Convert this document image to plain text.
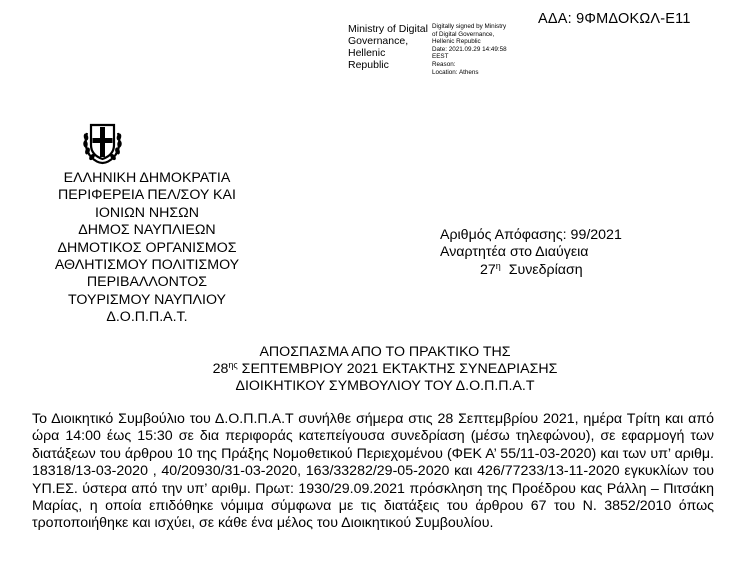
Ministry of Digital
Governance,
Hellenic Republic
Digitally signed by Ministry
of Digital Governance,
Hellenic Republic
Date: 2021.09.29 14:49:58
EEST
Reason:
Location: Athens
ΑΔΑ: 9ΦΜΔΟΚΩΛ-Ε11
ΕΛΛΗΝΙΚΗ ΔΗΜΟΚΡΑΤΙΑ
ΠΕΡΙΦΕΡΕΙΑ ΠΕΛ/ΣΟΥ ΚΑΙ
ΙΟΝΙΩΝ ΝΗΣΩΝ
ΔΗΜΟΣ ΝΑΥΠΛΙΕΩΝ
ΔΗΜΟΤΙΚΟΣ ΟΡΓΑΝΙΣΜΟΣ
ΑΘΛΗΤΙΣΜΟΥ ΠΟΛΙΤΙΣΜΟΥ
ΠΕΡΙΒΑΛΛΟΝΤΟΣ
ΤΟΥΡΙΣΜΟΥ ΝΑΥΠΛΙΟΥ
Δ.Ο.Π.Π.Α.Τ.
Αριθμός Απόφασης: 99/2021
Αναρτητέα στο Διαύγεια
$27^\eta$ Συνεδρίαση
ΑΠΟΣΠΑΣΜΑ ΑΠΟ ΤΟ ΠΡΑΚΤΙΚΟ ΤΗΣ
$28^{\eta\varsigma}$ ΣΕΠΤΕΜΒΡΙΟΥ 2021 ΕΚΤΑΚΤΗΣ ΣΥΝΕΔΡΙΑΣΗΣ
ΔΙΟΙΚΗΤΙΚΟΥ ΣΥΜΒΟΥΛΙΟΥ ΤΟΥ Δ.Ο.Π.Π.Α.Τ
Το Διοικητικό Συμβούλιο του Δ.Ο.Π.Π.Α.Τ συνήλθε σήμερα στις 28 Σεπτεμβρίου 2021, ημέρα Τρίτη και από ώρα 14:00 έως 15:30 σε δια περιφοράς κατεπείγουσα συνεδρίαση (μέσω τηλεφώνου), σε εφαρμογή των διατάξεων του άρθρου 10 της Πράξης Νομοθετικού Περιεχομένου (ΦΕΚ Α’ 55/11-03-2020) και των υπ’ αριθμ. 18318/13-03-2020 , 40/20930/31-03-2020, 163/33282/29-05-2020 και 426/77233/13-11-2020 εγκυκλίων του ΥΠ.ΕΣ. ύστερα από την υπ’ αριθμ. Πρωτ: 1930/29.09.2021 πρόσκληση της Προέδρου κας Ράλλη – Πιτσάκη Μαρίας, η οποία επιδόθηκε νόμιμα σύμφωνα με τις διατάξεις του άρθρου 67 του Ν. 3852/2010 όπως τροποποιήθηκε και ισχύει, σε κάθε ένα μέλος του Διοικητικού Συμβουλίου.
